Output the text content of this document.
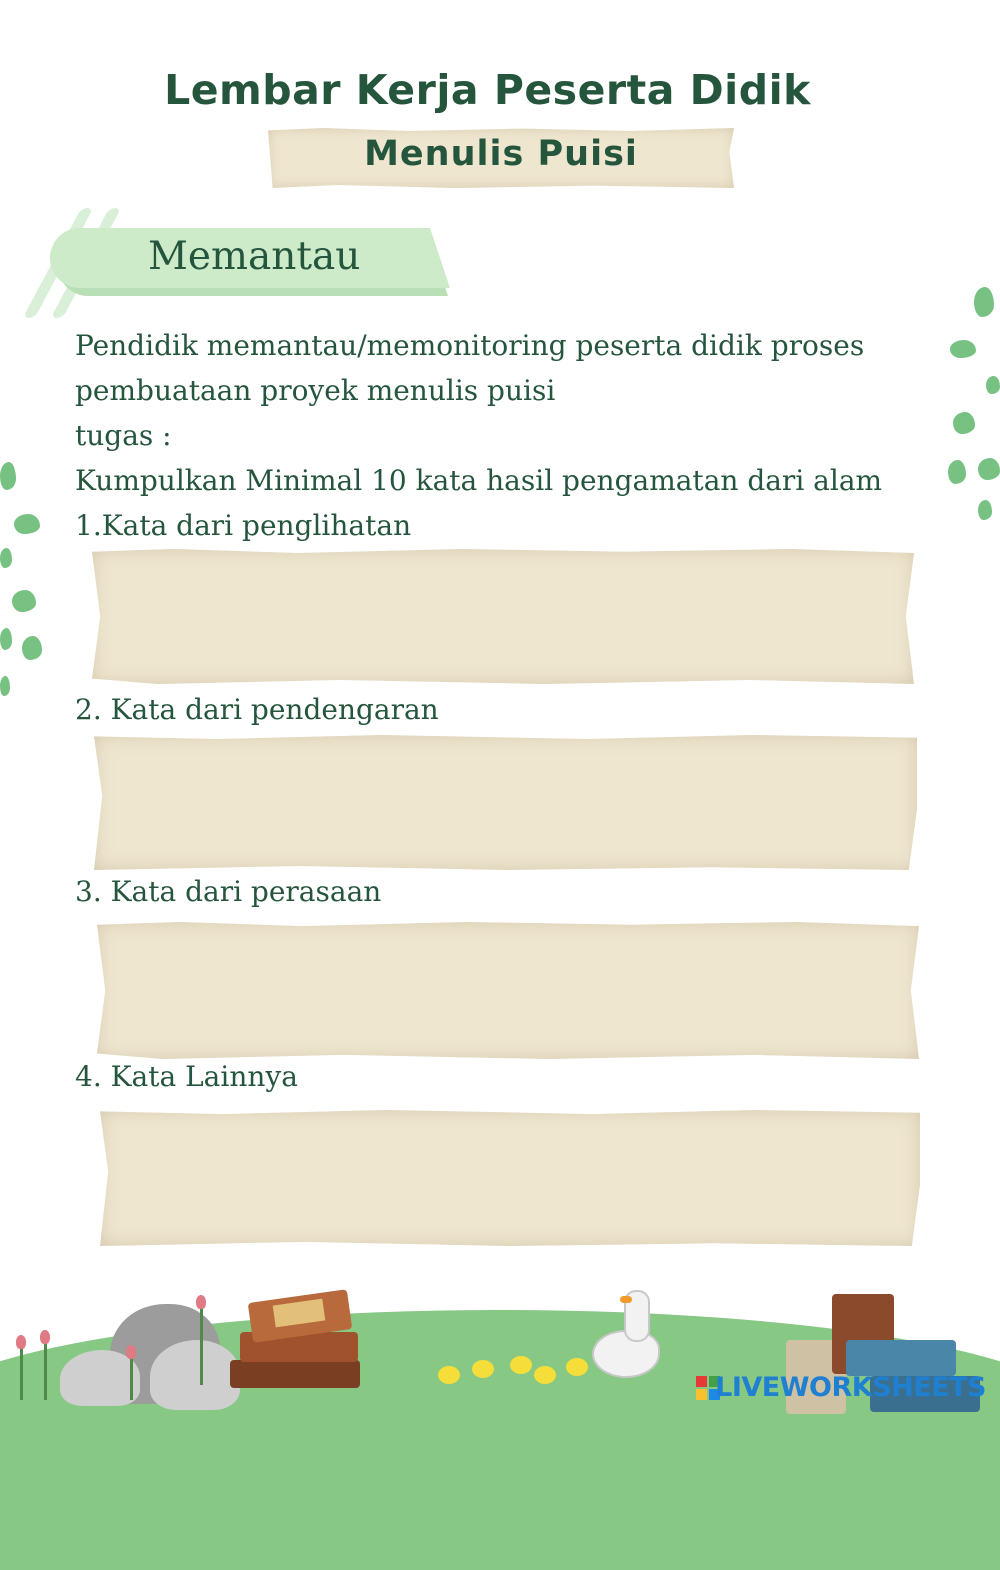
Lembar Kerja Peserta Didik
Menulis Puisi
Memantau
Pendidik memantau/memonitoring peserta didik proses
pembuataan proyek menulis puisi
tugas :
Kumpulkan Minimal 10 kata hasil pengamatan dari alam
1.Kata dari penglihatan
2. Kata dari pendengaran
3. Kata dari perasaan
4. Kata Lainnya
LIVEWORKSHEETS
